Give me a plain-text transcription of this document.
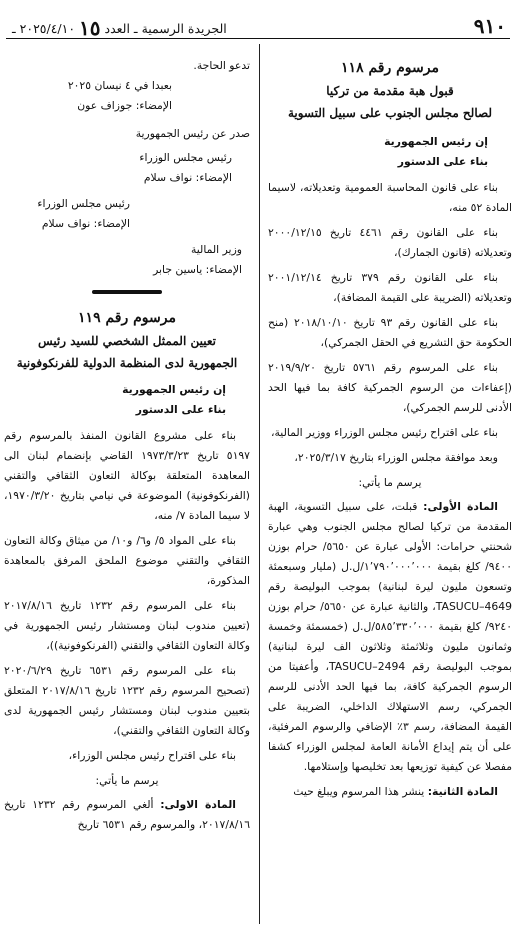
٩١٠
الجريدة الرسمية ـ العدد ١٥ ٢٠٢٥/٤/١٠ ـ
مرسوم رقم ١١٨
قبول هبة مقدمة من تركيا
لصالح مجلس الجنوب على سبيل التسوية
إن رئيس الجمهورية
بناء على الدستور

بناء على قانون المحاسبة العمومية وتعديلاته، لاسيما المادة ٥٢ منه،

بناء على القانون رقم ٤٤٦١ تاريخ ٢٠٠٠/١٢/١٥ وتعديلاته (قانون الجمارك)،

بناء على القانون رقم ٣٧٩ تاريخ ٢٠٠١/١٢/١٤ وتعديلاته (الضريبة على القيمة المضافة)،

بناء على القانون رقم ٩٣ تاريخ ٢٠١٨/١٠/١٠ (منح الحكومة حق التشريع في الحقل الجمركي)،

بناء على المرسوم رقم ٥٧٦١ تاريخ ٢٠١٩/٩/٢٠ (إعفاءات من الرسوم الجمركية كافة بما فيها الحد الأدنى للرسم الجمركي)،

بناء على اقتراح رئيس مجلس الوزراء ووزير المالية،

وبعد موافقة مجلس الوزراء بتاريخ ٢٠٢٥/٣/١٧،

يرسم ما يأتي:

المادة الأولى: قبلت، على سبيل التسوية، الهبة المقدمة من تركيا لصالح مجلس الجنوب وهي عبارة شحنتي حرامات: الأولى عبارة عن ٥٦٥٠/ حرام بوزن ٩٤٠٠/ كلغ بقيمة ١٬٧٩٠٬٠٠٠٬٠٠٠/ل.ل (مليار وسبعمئة وتسعون مليون ليرة لبنانية) بموجب البوليصة رقم TASUCU–4649، والثانية عبارة عن ٥٦٥٠/ حرام بوزن ٩٢٤٠/ كلغ بقيمة ٥٨٥٬٣٣٠٬٠٠٠/ل.ل (خمسمئة وخمسة وثمانون مليون وثلاثمئة وثلاثون الف ليرة لبنانية) بموجب البوليصة رقم TASUCU–2494، وأعفيتا من الرسوم الجمركية كافة، بما فيها الحد الأدنى للرسم الجمركي، رسم الاستهلاك الداخلي، الضريبة على القيمة المضافة، رسم ٣٪ الإضافي والرسوم المرفئية، على أن يتم إيداع الأمانة العامة لمجلس الوزراء كشفا مفصلا عن كيفية توزيعها بعد تخليصها وإستلامها.

المادة الثانية: ينشر هذا المرسوم ويبلغ حيث

تدعو الحاجة.
بعبدا في ٤ نيسان ٢٠٢٥
الإمضاء: جوزاف عون
صدر عن رئيس الجمهورية
رئيس مجلس الوزراء
الإمضاء: نواف سلام
رئيس مجلس الوزراء
الإمضاء: نواف سلام
وزير المالية
الإمضاء: ياسين جابر
مرسوم رقم ١١٩
تعيين الممثل الشخصي للسيد رئيس
الجمهورية لدى المنظمة الدولية للفرنكوفونية
إن رئيس الجمهورية
بناء على الدستور

بناء على مشروع القانون المنفذ بالمرسوم رقم ٥١٩٧ تاريخ ١٩٧٣/٣/٢٣ القاضي بإنضمام لبنان الى المعاهدة المتعلقة بوكالة التعاون الثقافي والتقني (الفرنكوفونية) الموضوعة في نيامي بتاريخ ١٩٧٠/٣/٢٠، لا سيما المادة ٧/ منه،

بناء على المواد ٥/ و٦/ و١٠/ من ميثاق وكالة التعاون الثقافي والتقني موضوع الملحق المرفق بالمعاهدة المذكورة،

بناء على المرسوم رقم ١٢٣٢ تاريخ ٢٠١٧/٨/١٦ (تعيين مندوب لبنان ومستشار رئيس الجمهورية في وكالة التعاون الثقافي والتقني (الفرنكوفونية))،

بناء على المرسوم رقم ٦٥٣١ تاريخ ٢٠٢٠/٦/٢٩ (تصحيح المرسوم رقم ١٢٣٢ تاريخ ٢٠١٧/٨/١٦ المتعلق بتعيين مندوب لبنان ومستشار رئيس الجمهورية لدى وكالة التعاون الثقافي والتقني)،

بناء على اقتراح رئيس مجلس الوزراء،

يرسم ما يأتي:

المادة الاولى: ألغي المرسوم رقم ١٢٣٢ تاريخ ٢٠١٧/٨/١٦، والمرسوم رقم ٦٥٣١ تاريخ
